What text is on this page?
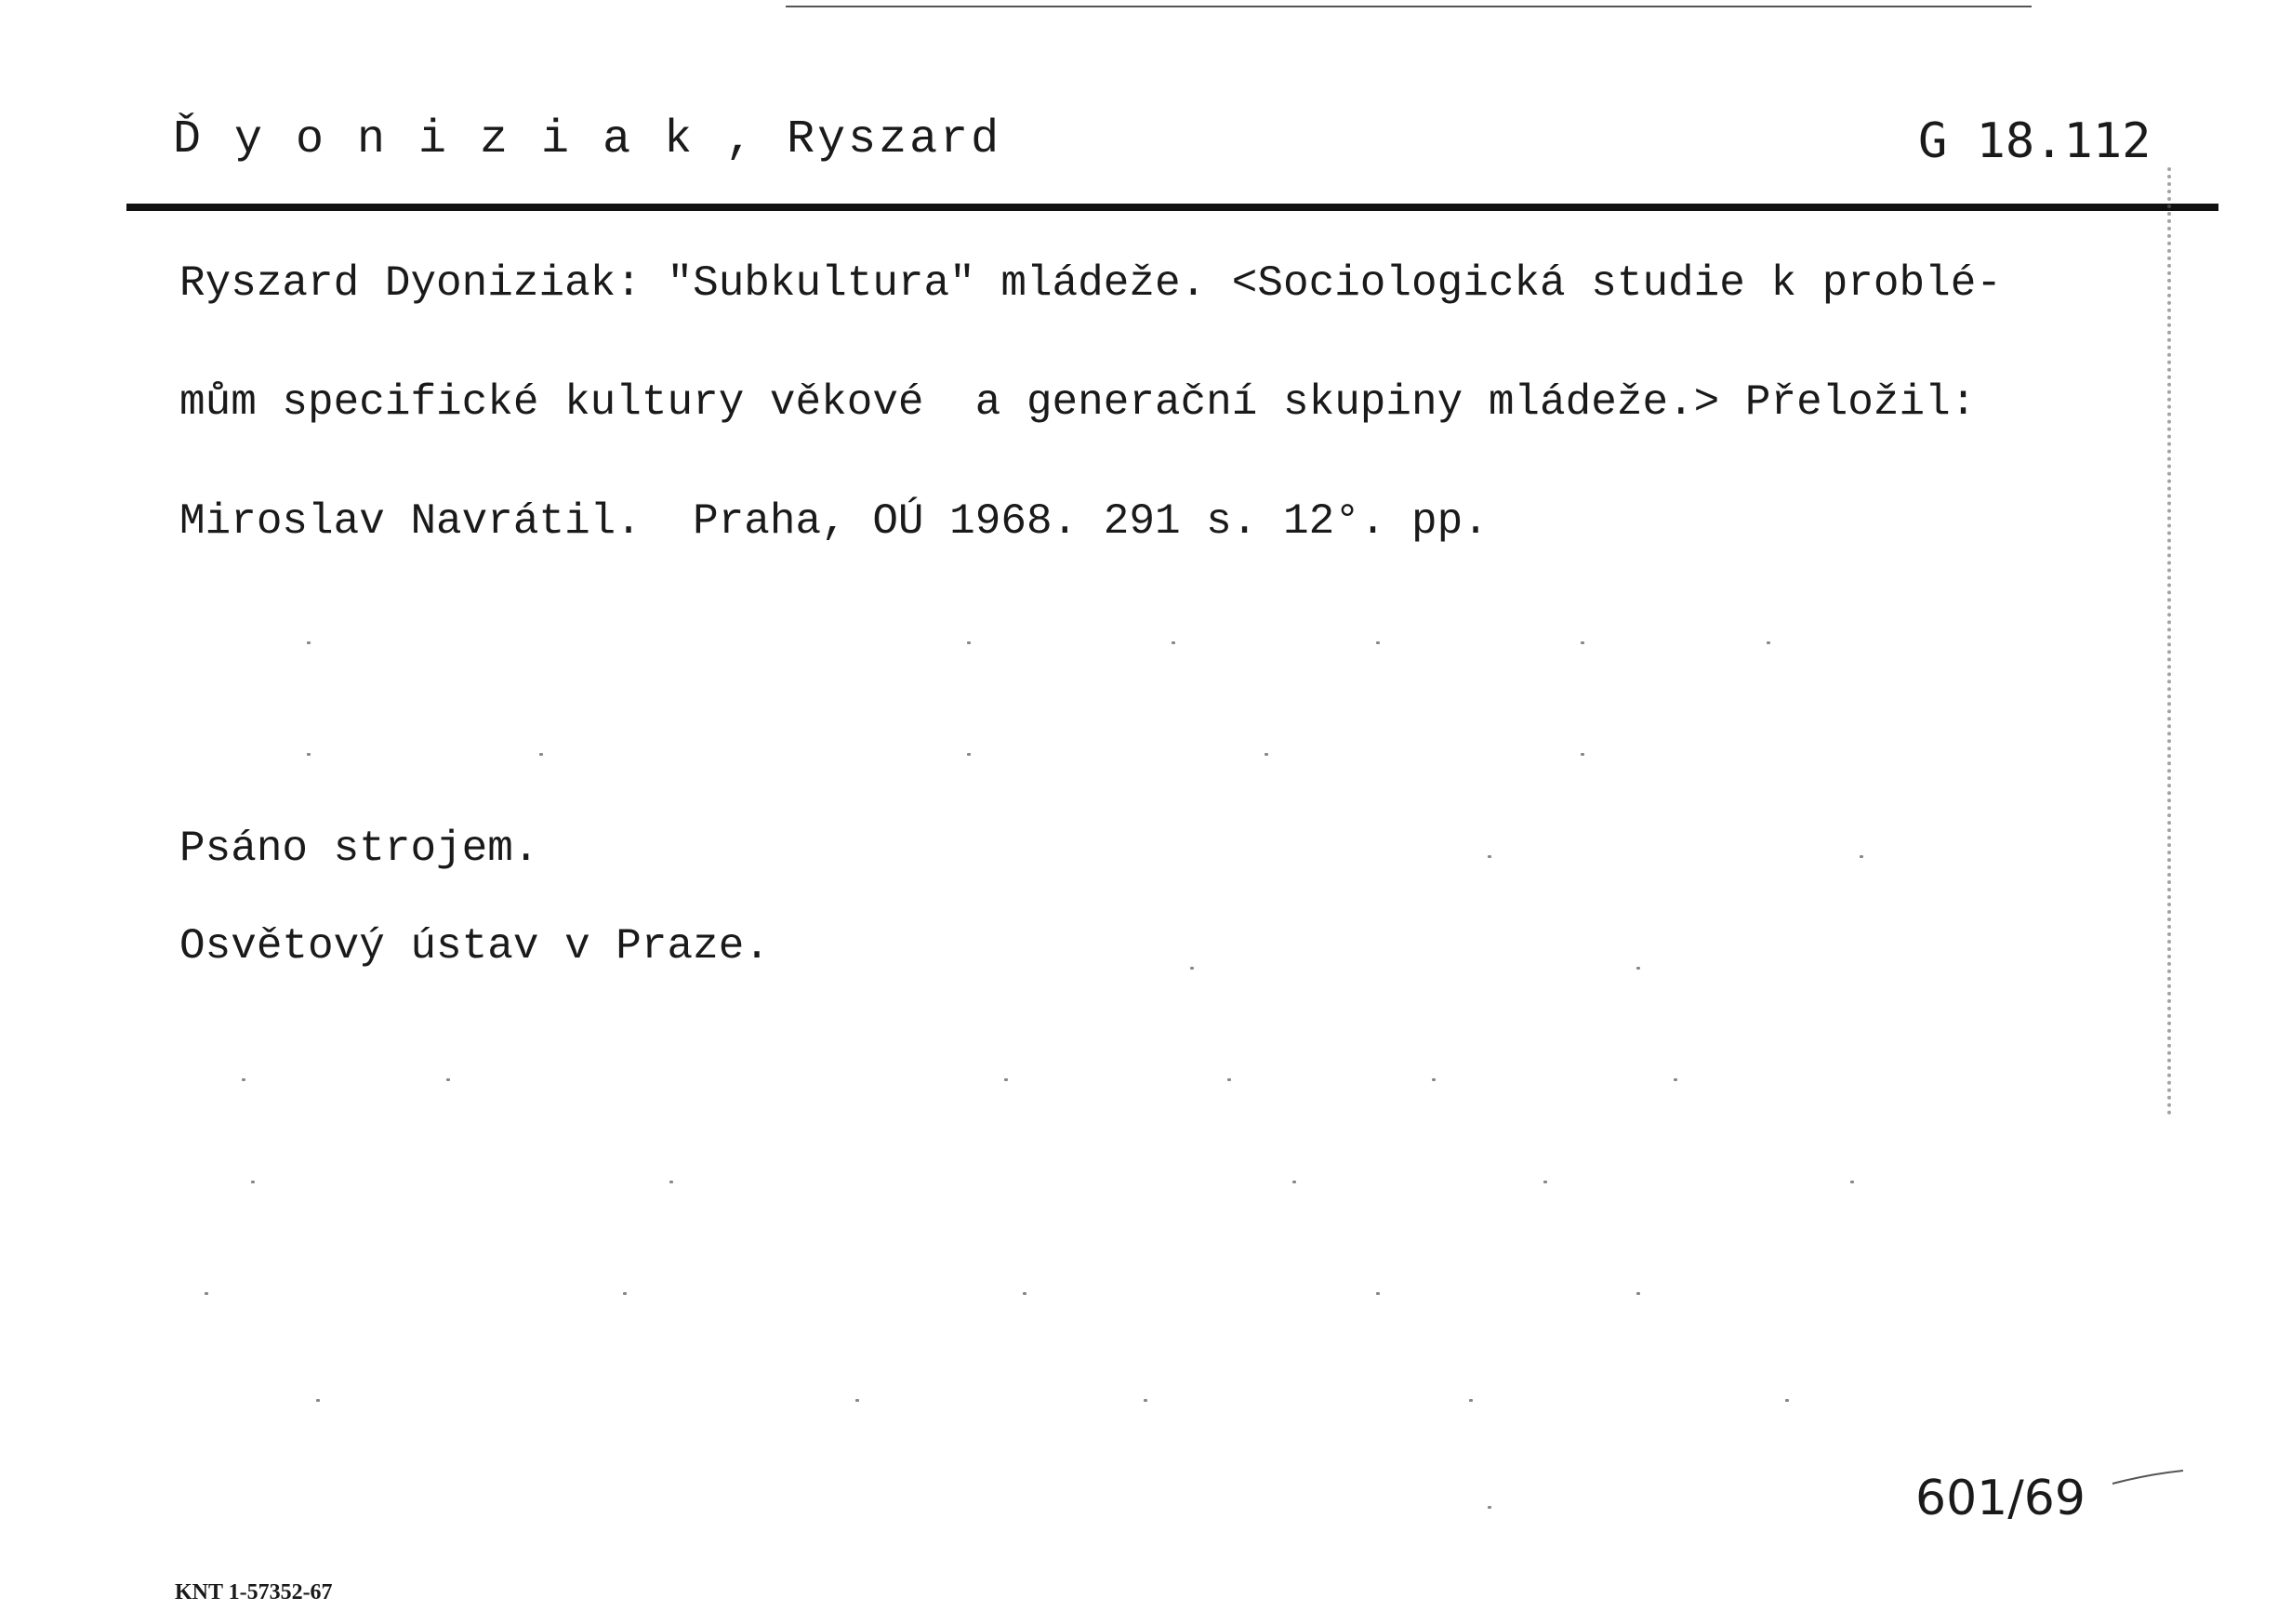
Ď y o n i z i a k , Ryszard	G 18.112
Ryszard Dyoniziak: "Subkultura" mládeže. <Sociologická studie k problé-
mům specifické kultury věkové  a generační skupiny mládeže.> Přeložil:
Miroslav Navrátil.  Praha, OÚ 1968. 291 s. 12°. pp.
Psáno strojem.
Osvětový ústav v Praze.
601/69
KNT 1-57352-67
